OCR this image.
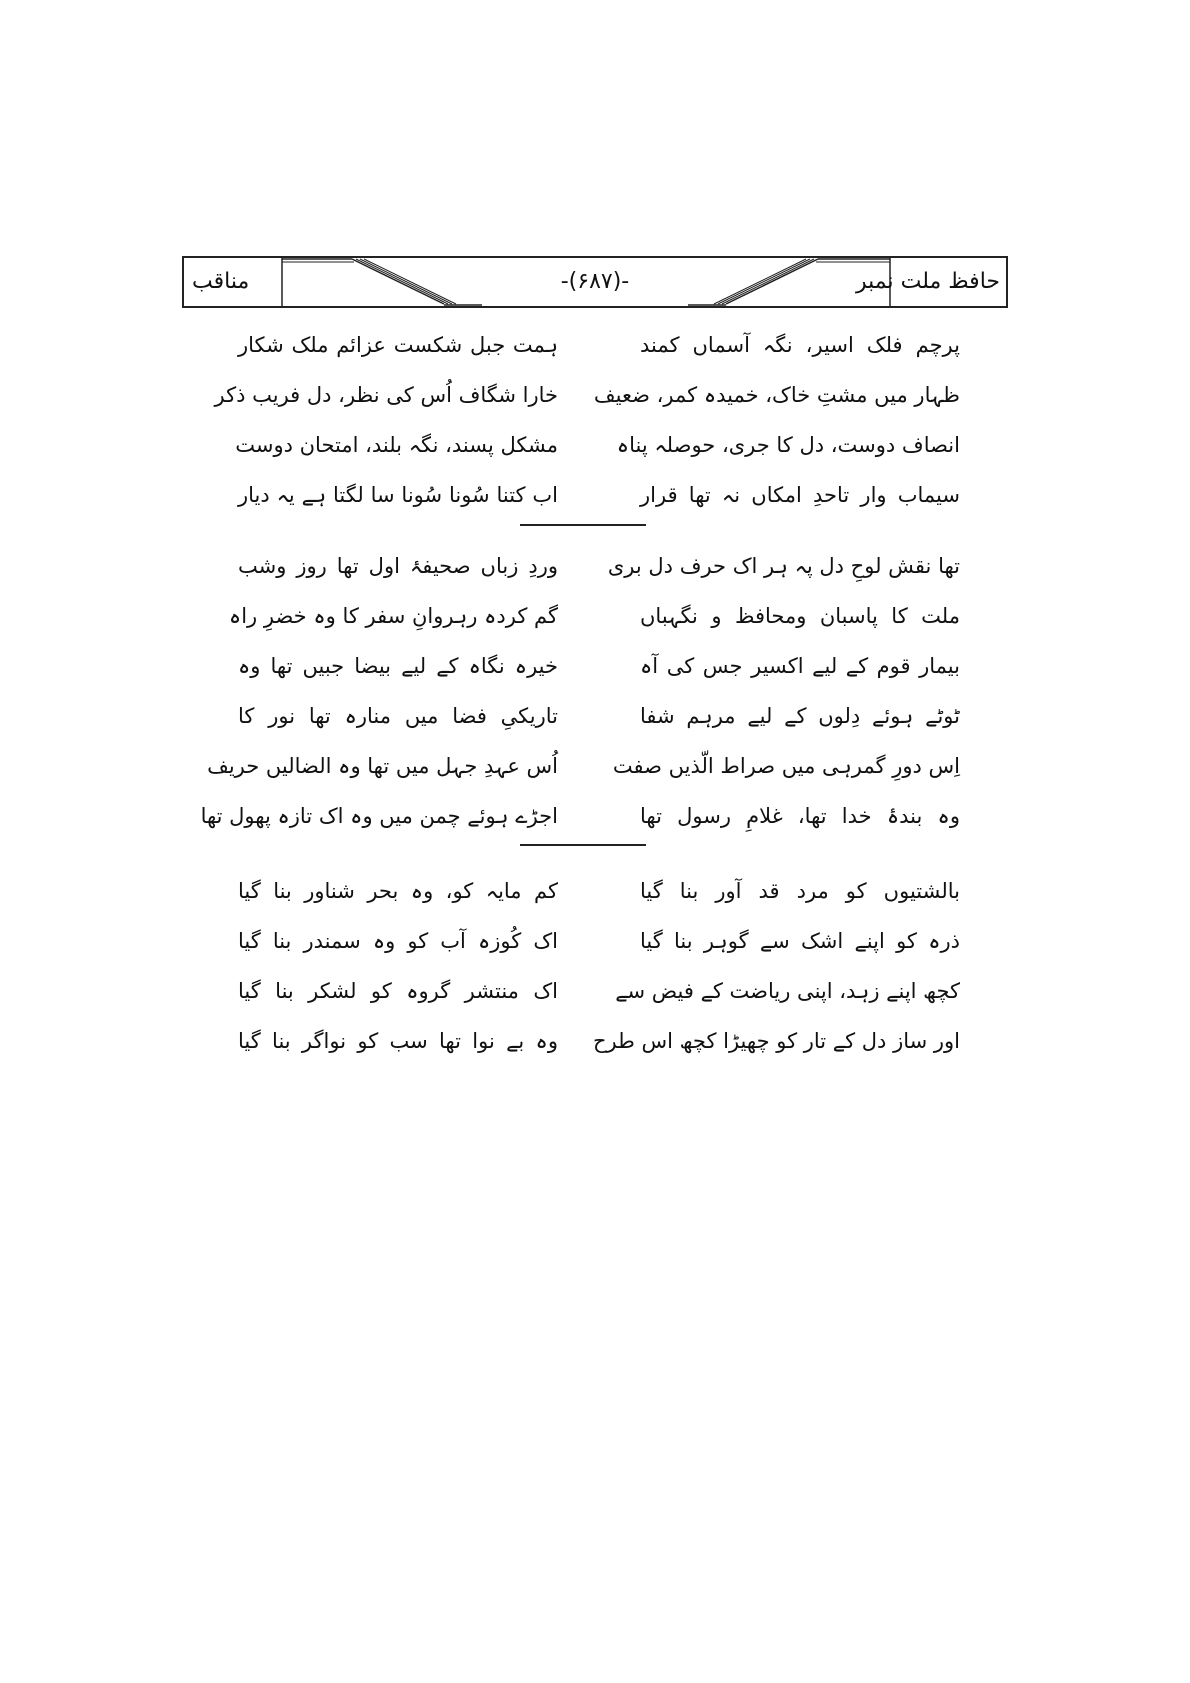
حافظ ملت نمبر
-(۶۸۷)-
مناقب
پرچم فلک اسیر، نگہ آسماں کمند
ظہار میں مشتِ خاک، خمیدہ کمر، ضعیف
انصاف دوست، دل کا جری، حوصلہ پناہ
سیماب وار تاحدِ امکاں نہ تھا قرار
ہمت جبل شکست عزائم ملک شکار
خارا شگاف اُس کی نظر، دل فریب ذکر
مشکل پسند، نگہ بلند، امتحان دوست
اب کتنا سُونا سُونا سا لگتا ہے یہ دیار
تھا نقش لوحِ دل پہ ہر اک حرف دل بری
ملت کا پاسبان ومحافظ و نگہباں
بیمار قوم کے لیے اکسیر جس کی آہ
ٹوٹے ہوئے دِلوں کے لیے مرہم شفا
اِس دورِ گمرہی میں صراط الّذیں صفت
وہ بندۂ خدا تھا، غلامِ رسول تھا
وردِ زباں صحیفۂ اول تھا روز وشب
گم کردہ رہروانِ سفر کا وہ خضرِ راہ
خیرہ نگاہ کے لیے بیضا جبیں تھا وہ
تاریکیِ فضا میں منارہ تھا نور کا
اُس عہدِ جہل میں تھا وہ الضالیں حریف
اجڑے ہوئے چمن میں وہ اک تازہ پھول تھا
بالشتیوں کو مرد قد آور بنا گیا
ذرہ کو اپنے اشک سے گوہر بنا گیا
کچھ اپنے زہد، اپنی ریاضت کے فیض سے
اور ساز دل کے تار کو چھیڑا کچھ اس طرح
کم مایہ کو، وہ بحر شناور بنا گیا
اک کُوزہ آب کو وہ سمندر بنا گیا
اک منتشر گروہ کو لشکر بنا گیا
وہ بے نوا تھا سب کو نواگر بنا گیا
